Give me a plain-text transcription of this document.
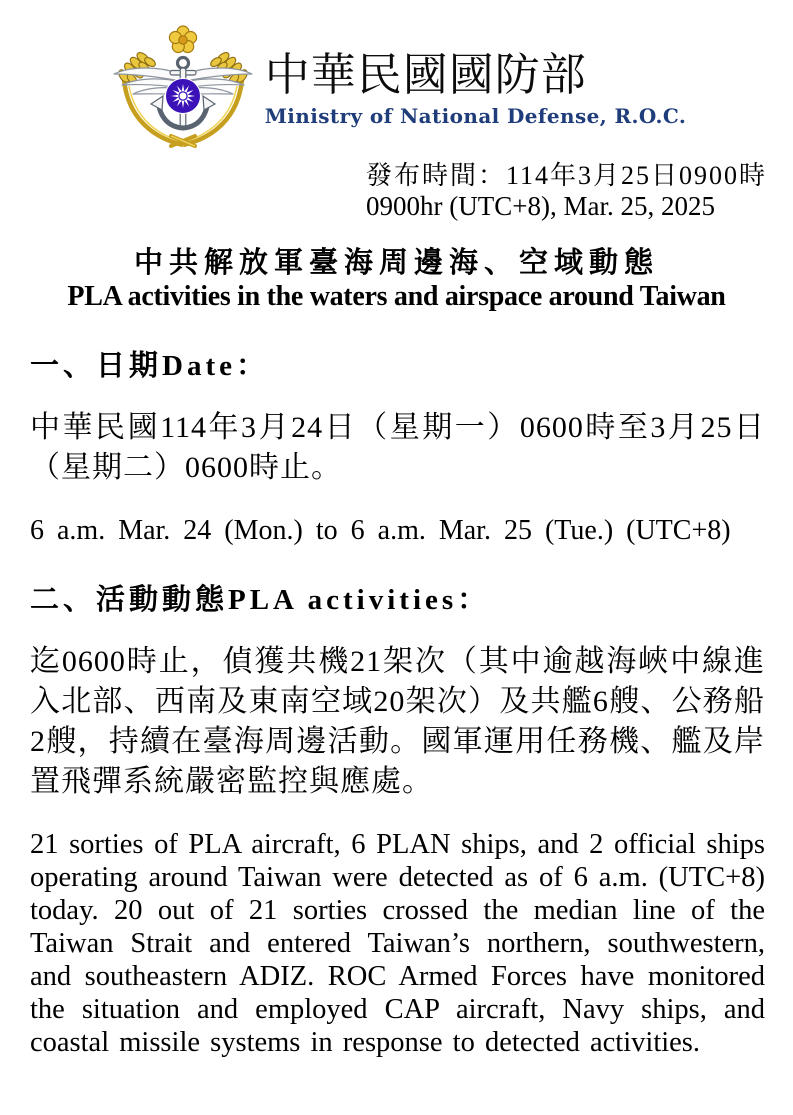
中華民國國防部
Ministry of National Defense, R.O.C.
發布時間：114年3月25日0900時
0900hr (UTC+8), Mar. 25, 2025
中共解放軍臺海周邊海、空域動態
PLA activities in the waters and airspace around Taiwan
一、日期Date：
中華民國114年3月24日（星期一）0600時至3月25日（星期二）0600時止。
6 a.m. Mar. 24 (Mon.) to 6 a.m. Mar. 25 (Tue.) (UTC+8)
二、活動動態PLA activities：
迄0600時止，偵獲共機21架次（其中逾越海峽中線進入北部、西南及東南空域20架次）及共艦6艘、公務船2艘，持續在臺海周邊活動。國軍運用任務機、艦及岸置飛彈系統嚴密監控與應處。
21 sorties of PLA aircraft, 6 PLAN ships, and 2 official ships operating around Taiwan were detected as of 6 a.m. (UTC+8) today. 20 out of 21 sorties crossed the median line of the Taiwan Strait and entered Taiwan’s northern, southwestern, and southeastern ADIZ. ROC Armed Forces have monitored the situation and employed CAP aircraft, Navy ships, and coastal missile systems in response to detected activities.
